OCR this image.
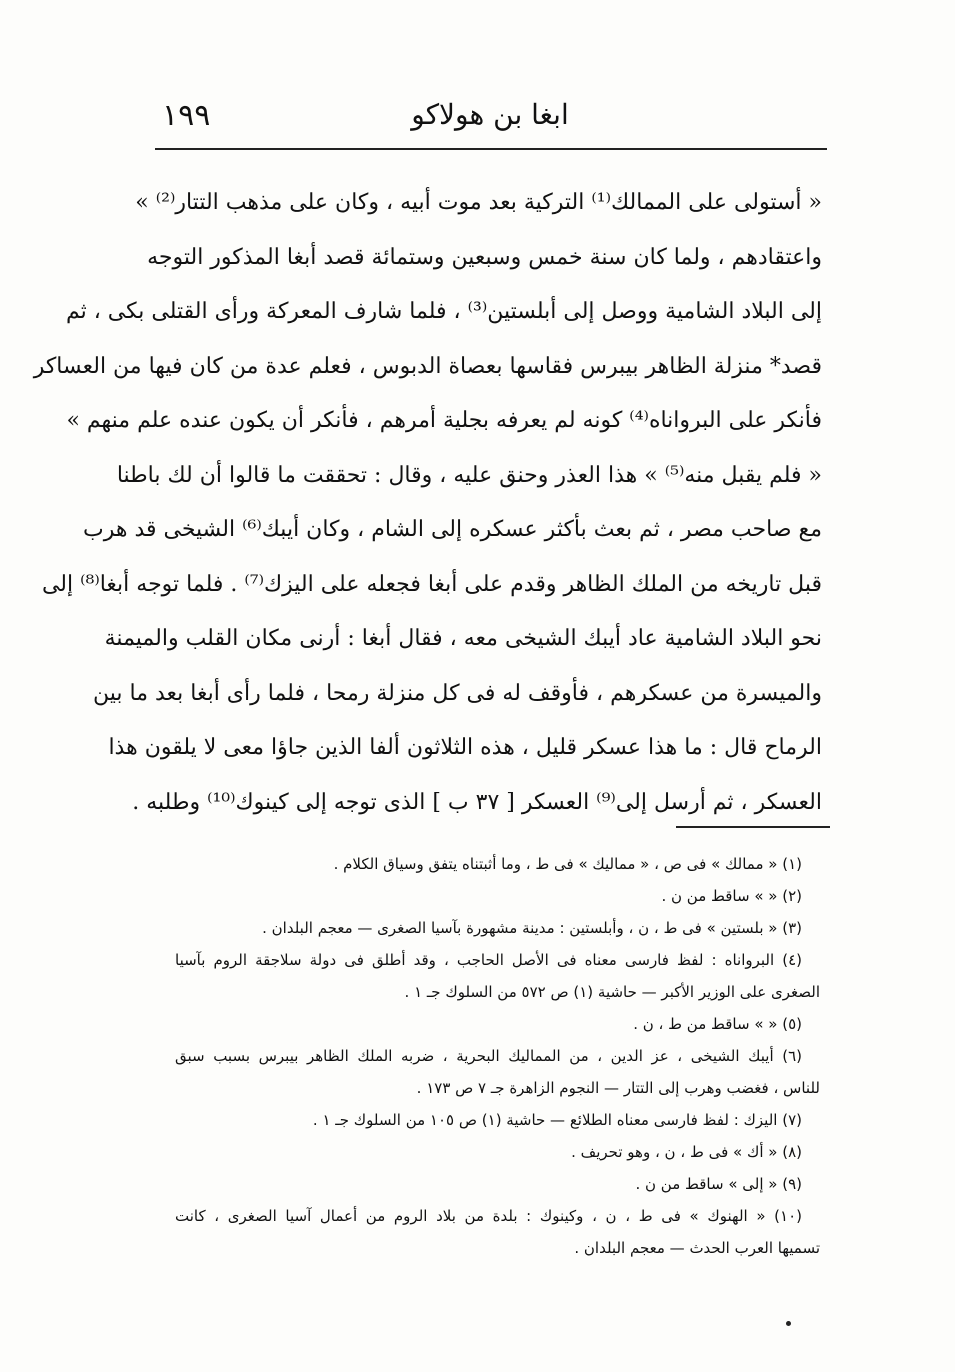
١٩٩	ابغا بن هولاكو
« أستولى على الممالك⁽¹⁾ التركية بعد موت أبيه ، وكان على مذهب التتار⁽²⁾ »
واعتقادهم ، ولما كان سنة خمس وسبعين وستمائة قصد أبغا المذكور التوجه
إلى البلاد الشامية ووصل إلى أبلستين⁽³⁾ ، فلما شارف المعركة ورأى القتلى بكى ، ثم
قصد* منزلة الظاهر بيبرس فقاسها بعصاة الدبوس ، فعلم عدة من كان فيها من العساكر
فأنكر على البرواناه⁽⁴⁾ كونه لم يعرفه بجلية أمرهم ، فأنكر أن يكون عنده علم منهم »
« فلم يقبل منه⁽⁵⁾ » هذا العذر وحنق عليه ، وقال : تحققت ما قالوا أن لك باطنا
مع صاحب مصر ، ثم بعث بأكثر عسكره إلى الشام ، وكان أيبك⁽⁶⁾ الشيخى قد هرب
قبل تاريخه من الملك الظاهر وقدم على أبغا فجعله على اليزك⁽⁷⁾ . فلما توجه أبغا⁽⁸⁾ إلى
نحو البلاد الشامية عاد أيبك الشيخى معه ، فقال أبغا : أرنى مكان القلب والميمنة
والميسرة من عسكرهم ، فأوقف له فى كل منزلة رمحا ، فلما رأى أبغا بعد ما بين
الرماح قال : ما هذا عسكر قليل ، هذه الثلاثون ألفا الذين جاؤا معى لا يلقون هذا
العسكر ، ثم أرسل إلى⁽⁹⁾ العسكر [ ٣٧ ب ] الذى توجه إلى كينوك⁽¹⁰⁾ وطلبه .
(١) « ممالك » فى ص ، « مماليك » فى ط ، وما أثبتناه يتفق وسياق الكلام .
(٢) « » ساقط من ن .
(٣) « بلستين » فى ط ، ن ، وأبلستين : مدينة مشهورة بآسيا الصغرى — معجم البلدان .
(٤) البرواناه : لفظ فارسى معناه فى الأصل الحاجب ، وقد أطلق فى دولة سلاجقة الروم بآسيا
الصغرى على الوزير الأكبر — حاشية (١) ص ٥٧٢ من السلوك جـ ١ .
(٥) « » ساقط من ط ، ن .
(٦) أيبك الشيخى ، عز الدين ، من المماليك البحرية ، ضربه الملك الظاهر بيبرس بسبب سبق
للناس ، فغضب وهرب إلى التتار — النجوم الزاهرة جـ ٧ ص ١٧٣ .
(٧) اليزك : لفظ فارسى معناه الطلائع — حاشية (١) ص ١٠٥ من السلوك جـ ١ .
(٨) « أك » فى ط ، ن ، وهو تحريف .
(٩) « إلى » ساقط من ن .
(١٠) « الهنوك » فى ط ، ن ، وكينوك : بلدة من بلاد الروم من أعمال آسيا الصغرى ، كانت
تسميها العرب الحدث — معجم البلدان .
